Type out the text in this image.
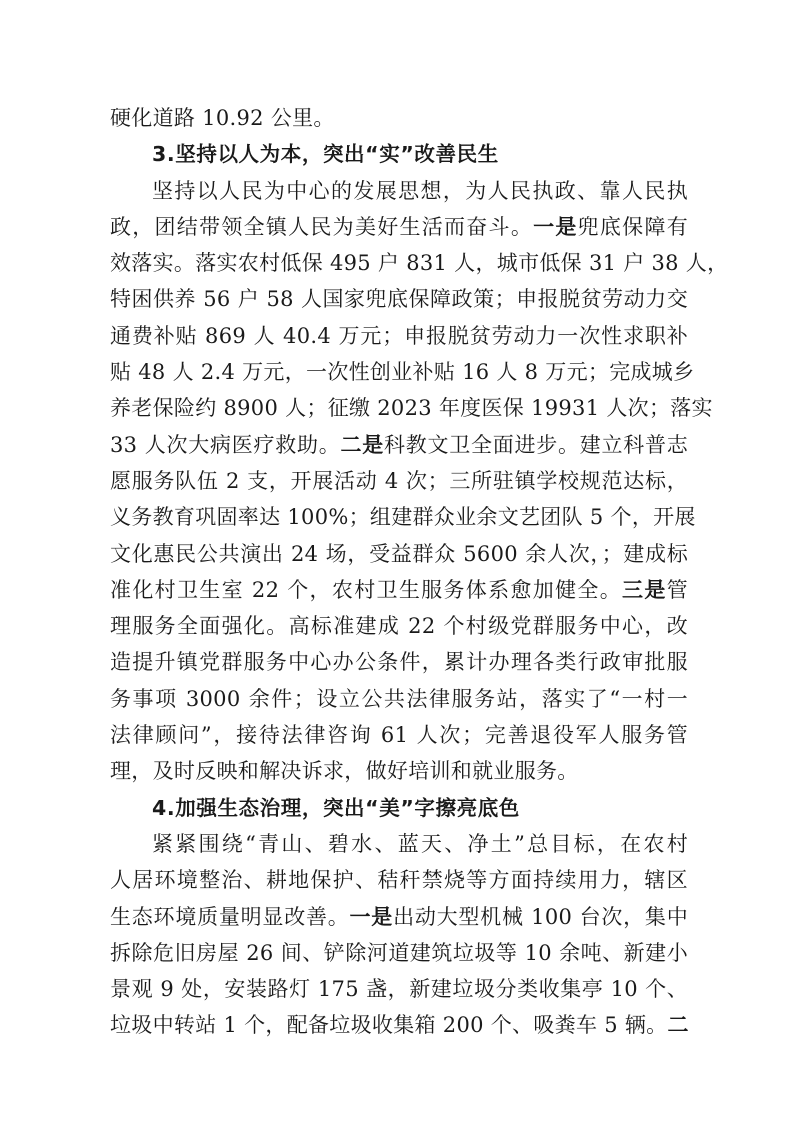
硬化道路 10.92 公里。
3.坚持以人为本，突出“实”改善民生
坚持以人民为中心的发展思想，为人民执政、靠人民执
政，团结带领全镇人民为美好生活而奋斗。一是兜底保障有
效落实。落实农村低保 495 户 831 人，城市低保 31 户 38 人，
特困供养 56 户 58 人国家兜底保障政策；申报脱贫劳动力交
通费补贴 869 人 40.4 万元；申报脱贫劳动力一次性求职补
贴 48 人 2.4 万元，一次性创业补贴 16 人 8 万元；完成城乡
养老保险约 8900 人；征缴 2023 年度医保 19931 人次；落实
33 人次大病医疗救助。二是科教文卫全面进步。建立科普志
愿服务队伍 2 支，开展活动 4 次；三所驻镇学校规范达标，
义务教育巩固率达 100%；组建群众业余文艺团队 5 个，开展
文化惠民公共演出 24 场，受益群众 5600 余人次，；建成标
准化村卫生室 22 个，农村卫生服务体系愈加健全。三是管
理服务全面强化。高标准建成 22 个村级党群服务中心，改
造提升镇党群服务中心办公条件，累计办理各类行政审批服
务事项 3000 余件；设立公共法律服务站，落实了“一村一
法律顾问”，接待法律咨询 61 人次；完善退役军人服务管
理，及时反映和解决诉求，做好培训和就业服务。
4.加强生态治理，突出“美”字擦亮底色
紧紧围绕“青山、碧水、蓝天、净土”总目标，在农村
人居环境整治、耕地保护、秸秆禁烧等方面持续用力，辖区
生态环境质量明显改善。一是出动大型机械 100 台次，集中
拆除危旧房屋 26 间、铲除河道建筑垃圾等 10 余吨、新建小
景观 9 处，安装路灯 175 盏，新建垃圾分类收集亭 10 个、
垃圾中转站 1 个，配备垃圾收集箱 200 个、吸粪车 5 辆。二
